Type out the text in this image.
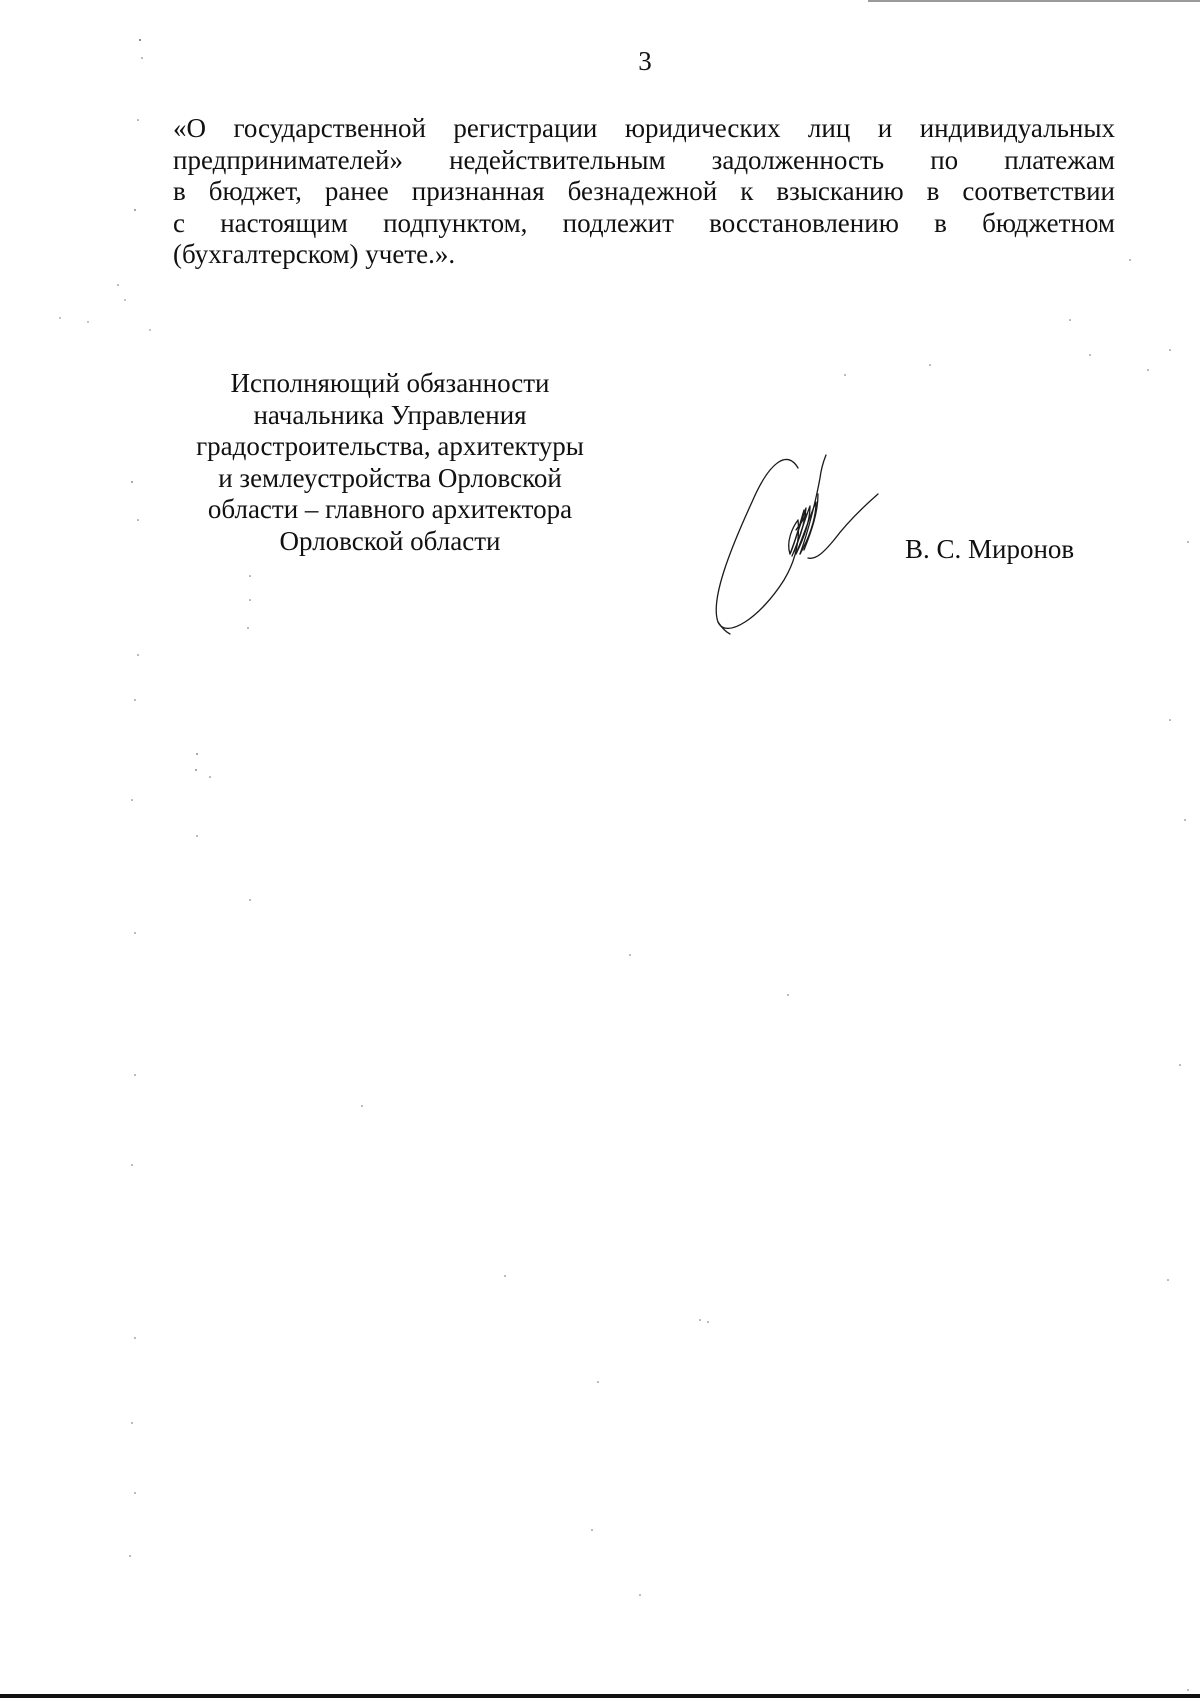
3
«О государственной регистрации юридических лиц и индивидуальных
предпринимателей» недействительным задолженность по платежам
в бюджет, ранее признанная безнадежной к взысканию в соответствии
с настоящим подпунктом, подлежит восстановлению в бюджетном
(бухгалтерском) учете.».
Исполняющий обязанности
начальника Управления
градостроительства, архитектуры
и землеустройства Орловской
области – главного архитектора
Орловской области	В. С. Миронов
